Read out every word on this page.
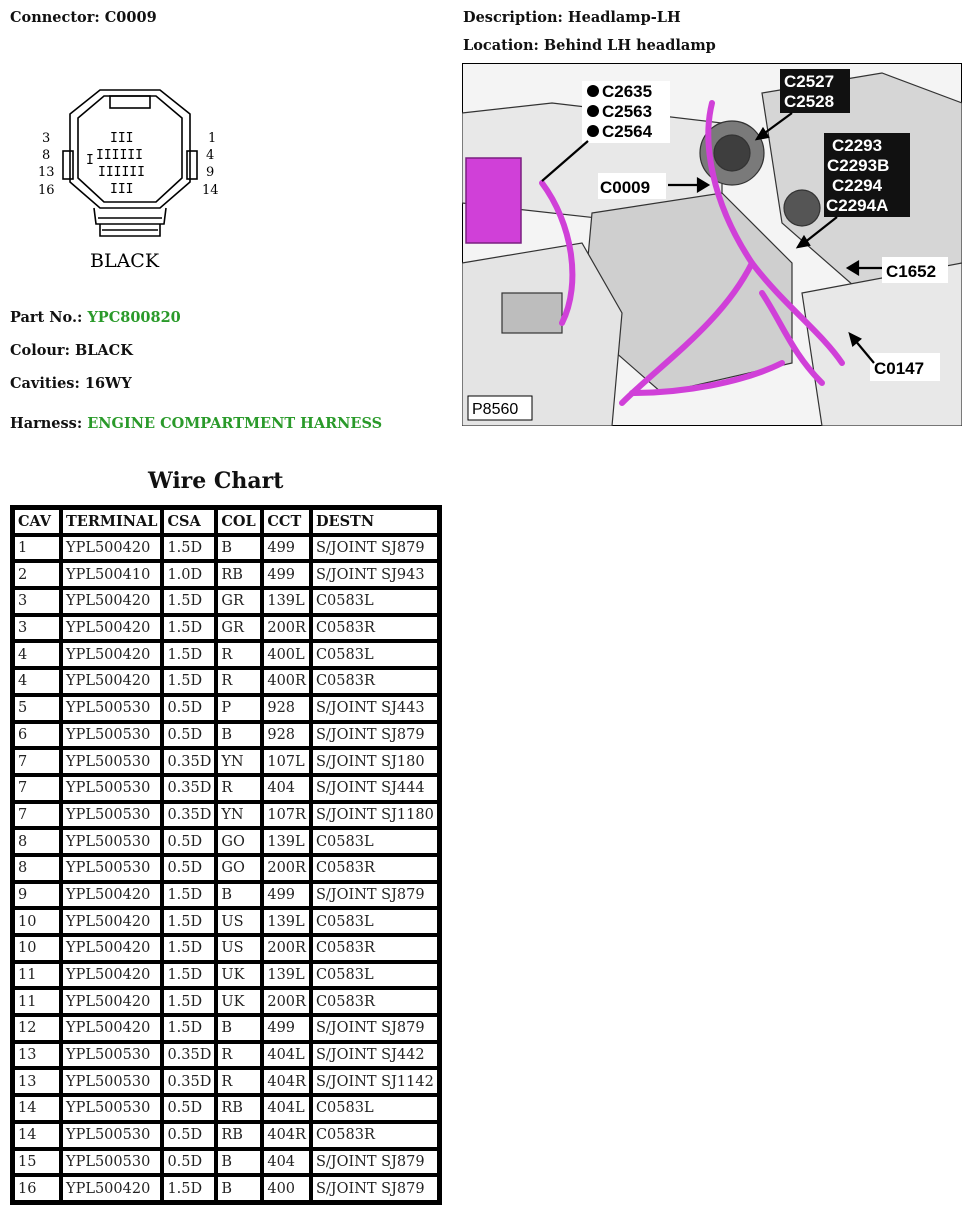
Connector: C0009	Description: Headlamp-LH
Location: Behind LH headlamp
III
IIIIII
IIIIII
III
I
3
8
13
16
1
4
9
14
BLACK
Part No.: YPC800820
Colour: BLACK
Cavities: 16WY
Harness: ENGINE COMPARTMENT HARNESS
C2635
C2563
C2564
C2527
C2528
C2293
C2293B
C2294
C2294A
C0009
C1652
C0147
P8560
Wire Chart
CAV	TERMINAL	CSA	COL	CCT	DESTN
1	YPL500420	1.5D	B	499	S/JOINT SJ879
2	YPL500410	1.0D	RB	499	S/JOINT SJ943
3	YPL500420	1.5D	GR	139L	C0583L
3	YPL500420	1.5D	GR	200R	C0583R
4	YPL500420	1.5D	R	400L	C0583L
4	YPL500420	1.5D	R	400R	C0583R
5	YPL500530	0.5D	P	928	S/JOINT SJ443
6	YPL500530	0.5D	B	928	S/JOINT SJ879
7	YPL500530	0.35D	YN	107L	S/JOINT SJ180
7	YPL500530	0.35D	R	404	S/JOINT SJ444
7	YPL500530	0.35D	YN	107R	S/JOINT SJ1180
8	YPL500530	0.5D	GO	139L	C0583L
8	YPL500530	0.5D	GO	200R	C0583R
9	YPL500420	1.5D	B	499	S/JOINT SJ879
10	YPL500420	1.5D	US	139L	C0583L
10	YPL500420	1.5D	US	200R	C0583R
11	YPL500420	1.5D	UK	139L	C0583L
11	YPL500420	1.5D	UK	200R	C0583R
12	YPL500420	1.5D	B	499	S/JOINT SJ879
13	YPL500530	0.35D	R	404L	S/JOINT SJ442
13	YPL500530	0.35D	R	404R	S/JOINT SJ1142
14	YPL500530	0.5D	RB	404L	C0583L
14	YPL500530	0.5D	RB	404R	C0583R
15	YPL500530	0.5D	B	404	S/JOINT SJ879
16	YPL500420	1.5D	B	400	S/JOINT SJ879
